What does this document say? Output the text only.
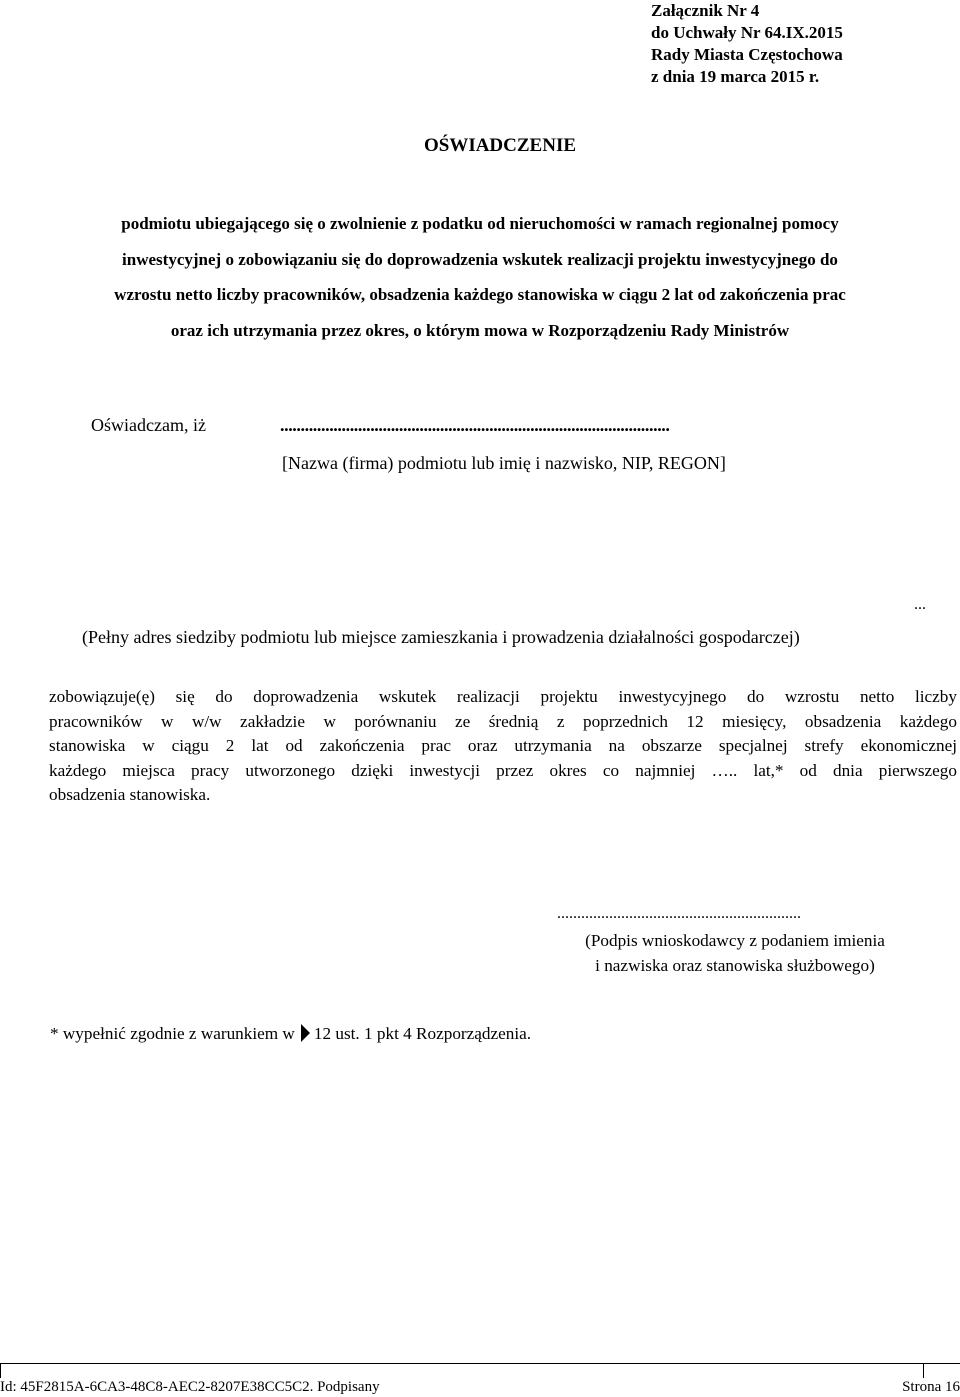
Załącznik Nr 4
do Uchwały Nr 64.IX.2015
Rady Miasta Częstochowa
z dnia 19 marca 2015 r.
OŚWIADCZENIE
podmiotu ubiegającego się o zwolnienie z podatku od nieruchomości w ramach regionalnej pomocy
inwestycyjnej o zobowiązaniu się do doprowadzenia wskutek realizacji projektu inwestycyjnego do
wzrostu netto liczby pracowników, obsadzenia każdego stanowiska w ciągu 2 lat od zakończenia prac
oraz ich utrzymania przez okres, o którym mowa w Rozporządzeniu Rady Ministrów
Oświadczam, iż	...............................................................................................
[Nazwa (firma) podmiotu lub imię i nazwisko, NIP, REGON]
...
(Pełny adres siedziby podmiotu lub miejsce zamieszkania i prowadzenia działalności gospodarczej)
zobowiązuje(ę) się do doprowadzenia wskutek realizacji projektu inwestycyjnego do wzrostu netto liczby
pracowników w w/w zakładzie w porównaniu ze średnią z poprzednich 12 miesięcy, obsadzenia każdego
stanowiska w ciągu 2 lat od zakończenia prac oraz utrzymania na obszarze specjalnej strefy ekonomicznej
każdego miejsca pracy utworzonego dzięki inwestycji przez okres co najmniej ….. lat,* od dnia pierwszego
obsadzenia stanowiska.
.............................................................
(Podpis wnioskodawcy z podaniem imienia
i nazwiska oraz stanowiska służbowego)
* wypełnić zgodnie z warunkiem w 12 ust. 1 pkt 4 Rozporządzenia.
Id: 45F2815A-6CA3-48C8-AEC2-8207E38CC5C2. Podpisany	Strona 16
